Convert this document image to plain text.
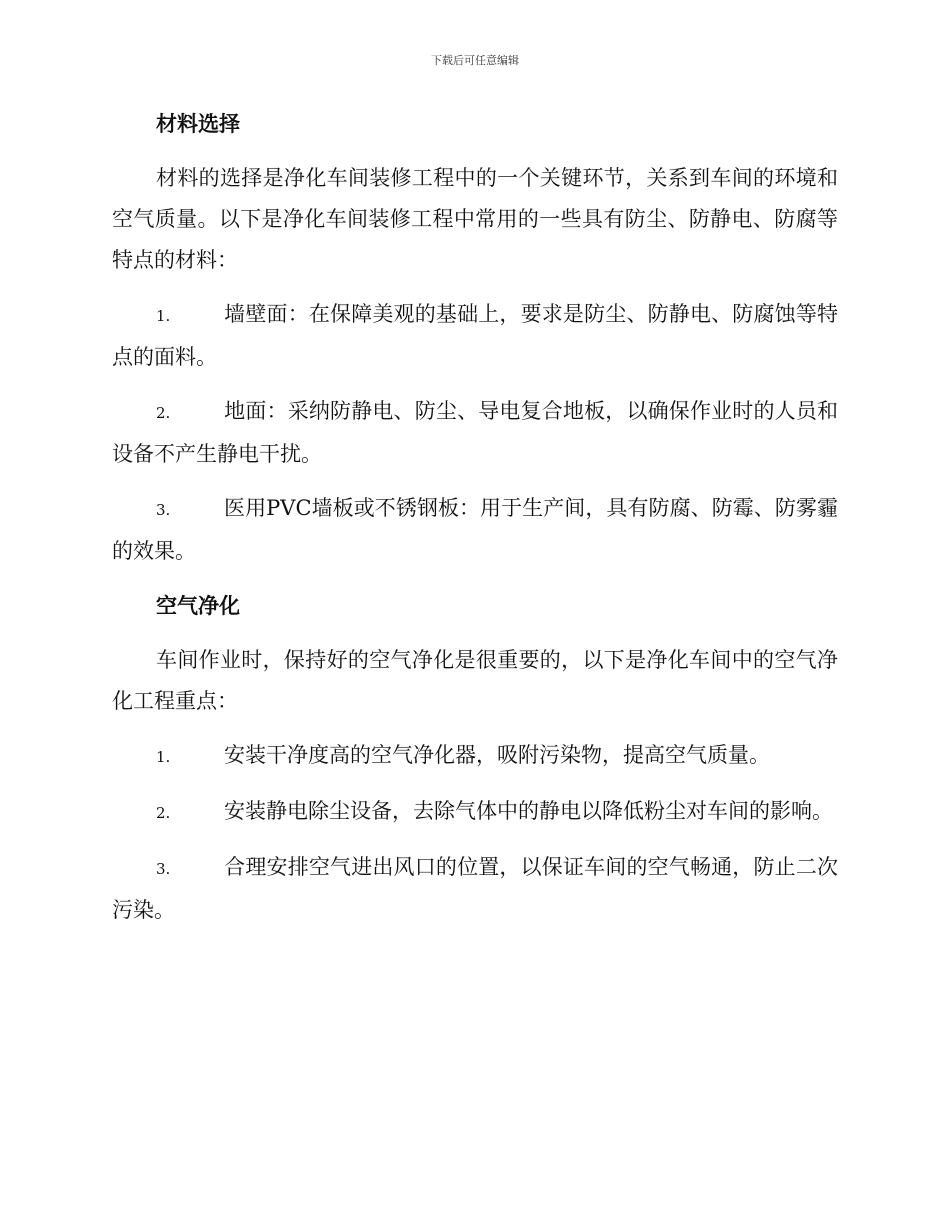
下载后可任意编辑
材料选择

材料的选择是净化车间装修工程中的一个关键环节，关系到车间的环境和空气质量。以下是净化车间装修工程中常用的一些具有防尘、防静电、防腐等特点的材料：

1.	墙壁面：在保障美观的基础上，要求是防尘、防静电、防腐蚀等特点的面料。

2.	地面：采纳防静电、防尘、导电复合地板，以确保作业时的人员和设备不产生静电干扰。

3.	医用PVC墙板或不锈钢板：用于生产间，具有防腐、防霉、防雾霾的效果。

空气净化

车间作业时，保持好的空气净化是很重要的，以下是净化车间中的空气净化工程重点：

1.	安装干净度高的空气净化器，吸附污染物，提高空气质量。

2.	安装静电除尘设备，去除气体中的静电以降低粉尘对车间的影响。

3.	合理安排空气进出风口的位置，以保证车间的空气畅通，防止二次污染。
